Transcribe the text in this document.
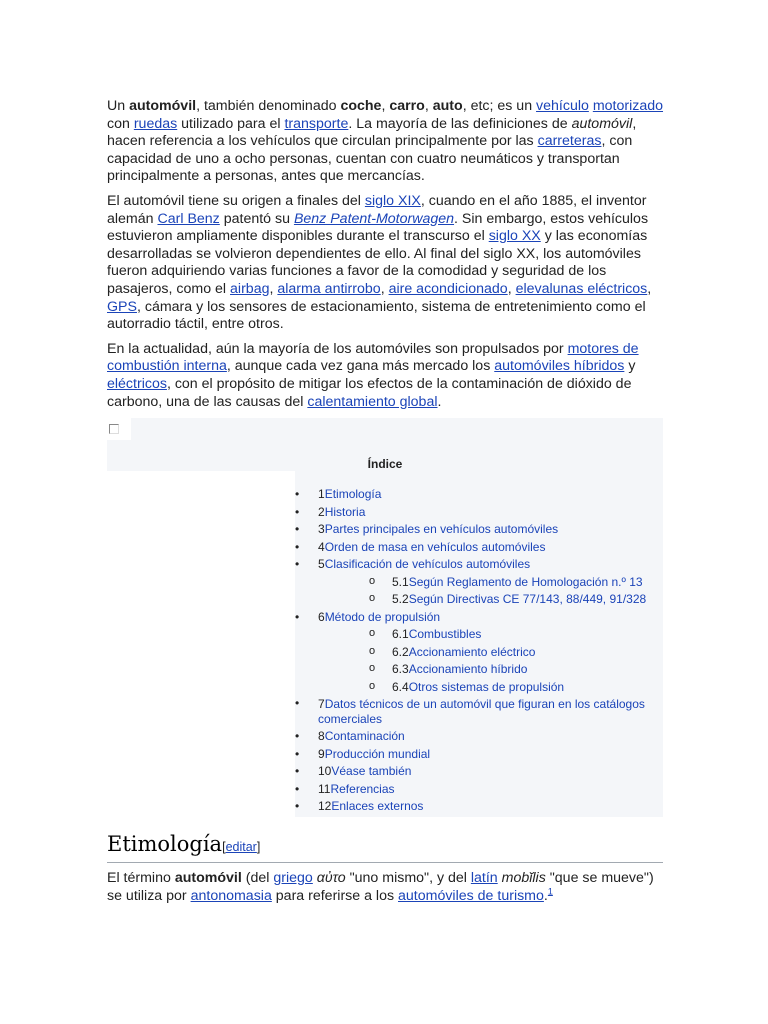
Un automóvil, también denominado coche, carro, auto, etc; es un vehículo motorizado con ruedas utilizado para el transporte. La mayoría de las definiciones de automóvil, hacen referencia a los vehículos que circulan principalmente por las carreteras, con capacidad de uno a ocho personas, cuentan con cuatro neumáticos y transportan principalmente a personas, antes que mercancías.

El automóvil tiene su origen a finales del siglo XIX, cuando en el año 1885, el inventor alemán Carl Benz patentó su Benz Patent-Motorwagen. Sin embargo, estos vehículos estuvieron ampliamente disponibles durante el transcurso el siglo XX y las economías desarrolladas se volvieron dependientes de ello. Al final del siglo XX, los automóviles fueron adquiriendo varias funciones a favor de la comodidad y seguridad de los pasajeros, como el airbag, alarma antirrobo, aire acondicionado, elevalunas eléctricos, GPS, cámara y los sensores de estacionamiento, sistema de entretenimiento como el autorradio táctil, entre otros.

En la actualidad, aún la mayoría de los automóviles son propulsados por motores de combustión interna, aunque cada vez gana más mercado los automóviles híbridos y eléctricos, con el propósito de mitigar los efectos de la contaminación de dióxido de carbono, una de las causas del calentamiento global.

Índice
• 1Etimología
• 2Historia
• 3Partes principales en vehículos automóviles
• 4Orden de masa en vehículos automóviles
• 5Clasificación de vehículos automóviles
o 5.1Según Reglamento de Homologación n.º 13
o 5.2Según Directivas CE 77/143, 88/449, 91/328
• 6Método de propulsión
o 6.1Combustibles
o 6.2Accionamiento eléctrico
o 6.3Accionamiento híbrido
o 6.4Otros sistemas de propulsión
• 7Datos técnicos de un automóvil que figuran en los catálogos comerciales
• 8Contaminación
• 9Producción mundial
• 10Véase también
• 11Referencias
• 12Enlaces externos
Etimología[editar]

El término automóvil (del griego αὐτο "uno mismo", y del latín mobĭlis "que se mueve") se utiliza por antonomasia para referirse a los automóviles de turismo.$^1$
